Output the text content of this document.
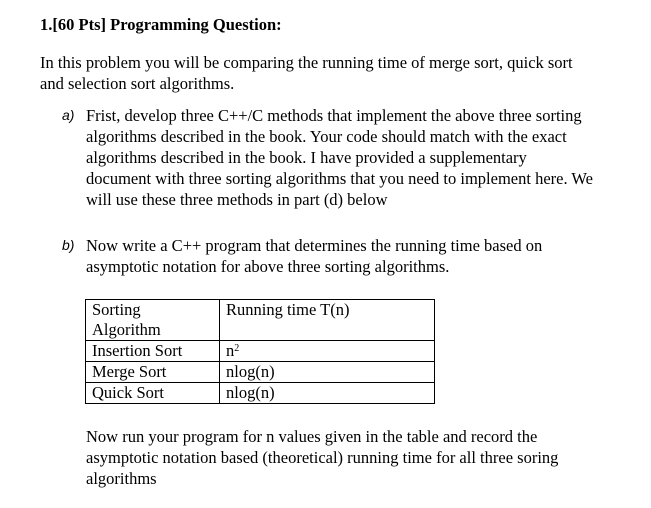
1.[60 Pts] Programming Question:
In this problem you will be comparing the running time of merge sort, quick sort
and selection sort algorithms.
a) Frist, develop three C++/C methods that implement the above three sorting
algorithms described in the book. Your code should match with the exact
algorithms described in the book. I have provided a supplementary
document with three sorting algorithms that you need to implement here. We
will use these three methods in part (d) below
b) Now write a C++ program that determines the running time based on
asymptotic notation for above three sorting algorithms.
Sorting
Algorithm	Running time T(n)
Insertion Sort	$n^2$
Merge Sort	nlog(n)
Quick Sort	nlog(n)
Now run your program for n values given in the table and record the
asymptotic notation based (theoretical) running time for all three soring
algorithms
